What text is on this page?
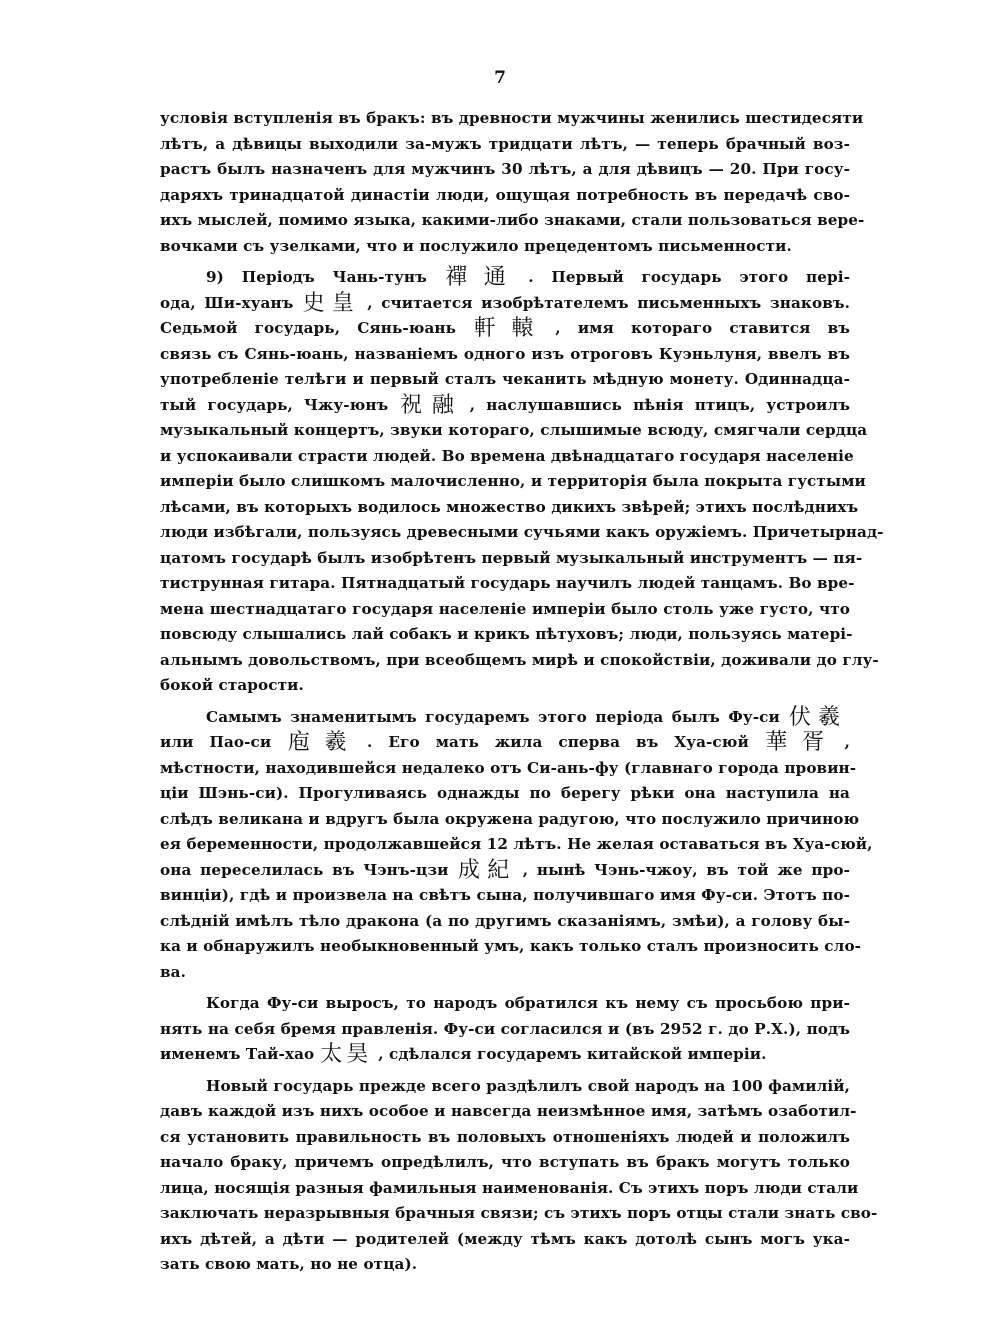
7
условія вступленія въ бракъ: въ древности мужчины женились шестидесяти
лѣтъ, а дѣвицы выходили за-мужъ тридцати лѣтъ, — теперь брачный воз-
растъ былъ назначенъ для мужчинъ 30 лѣтъ, а для дѣвицъ — 20. При госу-
даряхъ тринадцатой династіи люди, ощущая потребность въ передачѣ сво-
ихъ мыслей, помимо языка, какими-либо знаками, стали пользоваться вере-
вочками съ узелками, что и послужило прецедентомъ письменности.
9) Періодъ Чань-тунъ 禪通 . Первый государь этого пері-
ода, Ши-хуанъ 史皇 , считается изобрѣтателемъ письменныхъ знаковъ.
Седьмой государь, Сянь-юань 軒轅 , имя котораго ставится въ
связь съ Сянь-юань, названіемъ одного изъ отроговъ Куэньлуня, ввелъ въ
употребленіе телѣги и первый сталъ чеканить мѣдную монету. Одиннадца-
тый государь, Чжу-юнъ 祝融 , наслушавшись пѣнія птицъ, устроилъ
музыкальный концертъ, звуки котораго, слышимые всюду, смягчали сердца
и успокаивали страсти людей. Во времена двѣнадцатаго государя населеніе
имперіи было слишкомъ малочисленно, и территорія была покрыта густыми
лѣсами, въ которыхъ водилось множество дикихъ звѣрей; этихъ послѣднихъ
люди избѣгали, пользуясь древесными сучьями какъ оружіемъ. Причетырнад-
цатомъ государѣ былъ изобрѣтенъ первый музыкальный инструментъ — пя-
тиструнная гитара. Пятнадцатый государь научилъ людей танцамъ. Во вре-
мена шестнадцатаго государя населеніе имперіи было столь уже густо, что
повсюду слышались лай собакъ и крикъ пѣтуховъ; люди, пользуясь матері-
альнымъ довольствомъ, при всеобщемъ мирѣ и спокойствіи, доживали до глу-
бокой старости.
Самымъ знаменитымъ государемъ этого періода былъ Фу-си 伏羲
или Пао-си 庖羲 . Его мать жила сперва въ Хуа-сюй 華胥 ,
мѣстности, находившейся недалеко отъ Си-ань-фу (главнаго города провин-
ціи Шэнь-си). Прогуливаясь однажды по берегу рѣки она наступила на
слѣдъ великана и вдругъ была окружена радугою, что послужило причиною
ея беременности, продолжавшейся 12 лѣтъ. Не желая оставаться въ Хуа-сюй,
она переселилась въ Чэнъ-цзи 成紀 , нынѣ Чэнь-чжоу, въ той же про-
винціи), гдѣ и произвела на свѣтъ сына, получившаго имя Фу-си. Этотъ по-
слѣдній имѣлъ тѣло дракона (а по другимъ сказаніямъ, змѣи), а голову бы-
ка и обнаружилъ необыкновенный умъ, какъ только сталъ произносить сло-
ва.
Когда Фу-си выросъ, то народъ обратился къ нему съ просьбою при-
нять на себя бремя правленія. Фу-си согласился и (въ 2952 г. до Р.Х.), подъ
именемъ Тай-хао 太昊 , сдѣлался государемъ китайской имперіи.
Новый государь прежде всего раздѣлилъ свой народъ на 100 фамилій,
давъ каждой изъ нихъ особое и навсегда неизмѣнное имя, затѣмъ озаботил-
ся установить правильность въ половыхъ отношеніяхъ людей и положилъ
начало браку, причемъ опредѣлилъ, что вступать въ бракъ могутъ только
лица, носящія разныя фамильныя наименованія. Съ этихъ поръ люди стали
заключать неразрывныя брачныя связи; съ этихъ поръ отцы стали знать сво-
ихъ дѣтей, а дѣти — родителей (между тѣмъ какъ дотолѣ сынъ могъ ука-
зать свою мать, но не отца).
